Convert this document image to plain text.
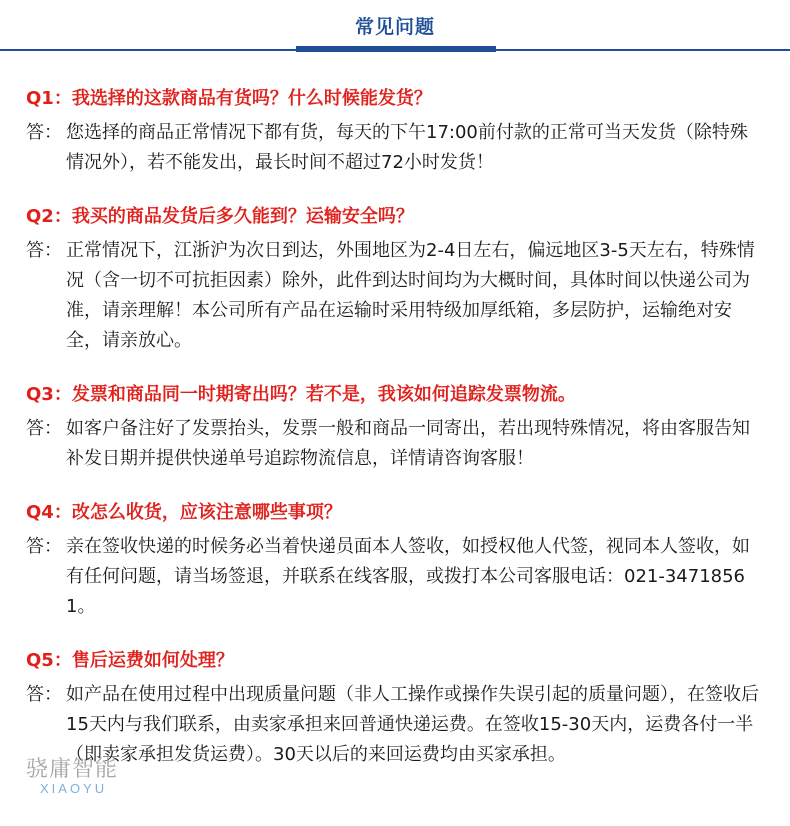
常见问题
Q1：我选择的这款商品有货吗？什么时候能发货？
答： 您选择的商品正常情况下都有货，每天的下午17:00前付款的正常可当天发货（除特殊情况外），若不能发出，最长时间不超过72小时发货！
Q2：我买的商品发货后多久能到？运输安全吗？
答： 正常情况下，江浙沪为次日到达，外围地区为2-4日左右，偏远地区3-5天左右，特殊情况（含一切不可抗拒因素）除外，此件到达时间均为大概时间，具体时间以快递公司为准，请亲理解！本公司所有产品在运输时采用特级加厚纸箱，多层防护，运输绝对安全，请亲放心。
Q3：发票和商品同一时期寄出吗？若不是，我该如何追踪发票物流。
答： 如客户备注好了发票抬头，发票一般和商品一同寄出，若出现特殊情况，将由客服告知补发日期并提供快递单号追踪物流信息，详情请咨询客服！
Q4：改怎么收货，应该注意哪些事项？
答： 亲在签收快递的时候务必当着快递员面本人签收，如授权他人代签，视同本人签收，如有任何问题，请当场签退，并联系在线客服，或拨打本公司客服电话：021-34718561。
Q5：售后运费如何处理？
答： 如产品在使用过程中出现质量问题（非人工操作或操作失误引起的质量问题），在签收后15天内与我们联系，由卖家承担来回普通快递运费。在签收15-30天内，运费各付一半（即卖家承担发货运费）。30天以后的来回运费均由买家承担。
骁庸智能
XIAOYU
